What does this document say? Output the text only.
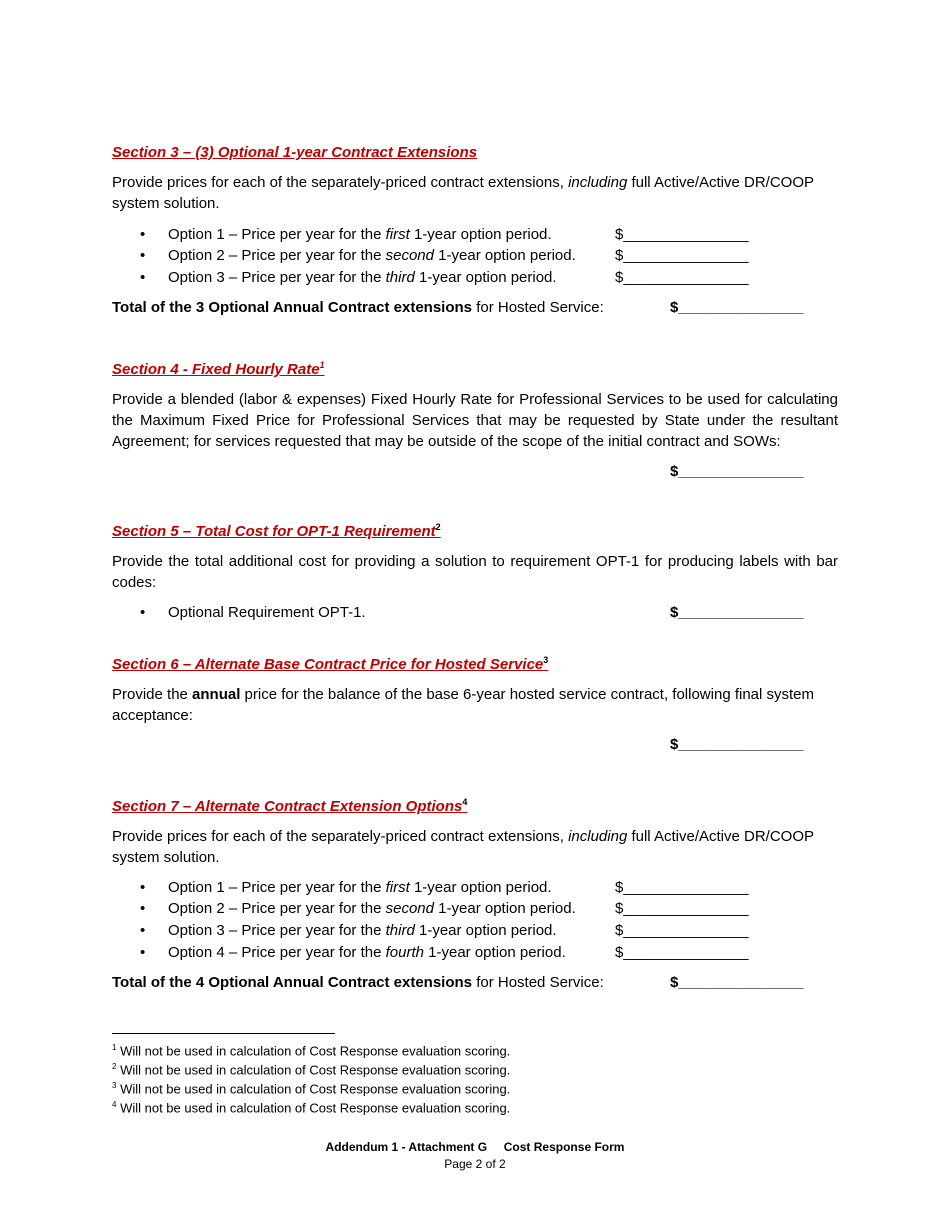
Section 3 – (3) Optional 1-year Contract Extensions
Provide prices for each of the separately-priced contract extensions, including full Active/Active DR/COOP system solution.
• Option 1 – Price per year for the first 1-year option period.	$_______________
• Option 2 – Price per year for the second 1-year option period.	$_______________
• Option 3 – Price per year for the third 1-year option period.	$_______________
Total of the 3 Optional Annual Contract extensions for Hosted Service:	$_______________
Section 4 - Fixed Hourly Rate$^1$
Provide a blended (labor & expenses) Fixed Hourly Rate for Professional Services to be used for calculating the Maximum Fixed Price for Professional Services that may be requested by State under the resultant Agreement; for services requested that may be outside of the scope of the initial contract and SOWs:
$_______________
Section 5 – Total Cost for OPT-1 Requirement$^2$
Provide the total additional cost for providing a solution to requirement OPT-1 for producing labels with bar codes:
• Optional Requirement OPT-1.	$_______________
Section 6 – Alternate Base Contract Price for Hosted Service$^3$
Provide the annual price for the balance of the base 6-year hosted service contract, following final system acceptance:
$_______________
Section 7 – Alternate Contract Extension Options$^4$
Provide prices for each of the separately-priced contract extensions, including full Active/Active DR/COOP system solution.
• Option 1 – Price per year for the first 1-year option period.	$_______________
• Option 2 – Price per year for the second 1-year option period.	$_______________
• Option 3 – Price per year for the third 1-year option period.	$_______________
• Option 4 – Price per year for the fourth 1-year option period.	$_______________
Total of the 4 Optional Annual Contract extensions for Hosted Service:	$_______________
$^1$ Will not be used in calculation of Cost Response evaluation scoring.
$^2$ Will not be used in calculation of Cost Response evaluation scoring.
$^3$ Will not be used in calculation of Cost Response evaluation scoring.
$^4$ Will not be used in calculation of Cost Response evaluation scoring.
Addendum 1 - Attachment G     Cost Response Form
Page 2 of 2
